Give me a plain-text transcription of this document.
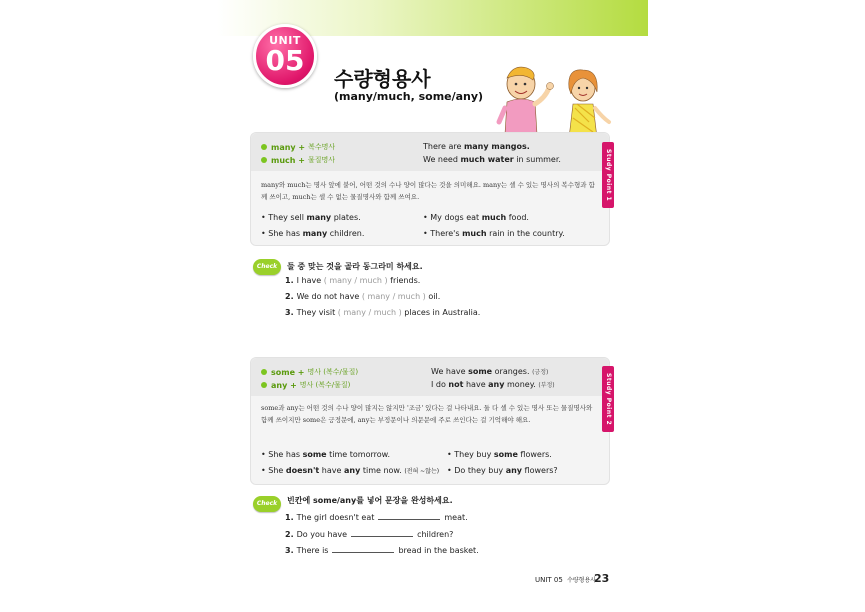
UNIT
05
수량형용사
(many/much, some/any)
many + 복수명사	There are many mangos.
much + 물질명사	We need much water in summer.
many와 much는 명사 앞에 붙어, 어떤 것의 수나 양이 많다는 것을 의미해요. many는 셀 수 있는 명사의 복수형과 함께 쓰이고, much는 셀 수 없는 물질명사와 함께 쓰여요.
• They sell many plates.
• She has many children.
• My dogs eat much food.
• There's much rain in the country.
Study Point 1
Check up
둘 중 맞는 것을 골라 동그라미 하세요.
1. I have ( many / much ) friends.
2. We do not have ( many / much ) oil.
3. They visit ( many / much ) places in Australia.
some + 명사 (복수/물질)	We have some oranges. (긍정)
any + 명사 (복수/물질)	I do not have any money. (부정)
some과 any는 어떤 것의 수나 양이 많지는 않지만 '조금' 있다는 걸 나타내요. 둘 다 셀 수 있는 명사 또는 물질명사와 함께 쓰이지만 some은 긍정문에, any는 부정문이나 의문문에 주로 쓰인다는 걸 기억해야 해요.
• She has some time tomorrow.
• She doesn't have any time now. (전혀 ~않는)
• They buy some flowers.
• Do they buy any flowers?
Study Point 2
Check up
빈칸에 some/any를 넣어 문장을 완성하세요.
1. The girl doesn't eat	meat.
2. Do you have	children?
3. There is	bread in the basket.
UNIT 05 수량형용사
23
